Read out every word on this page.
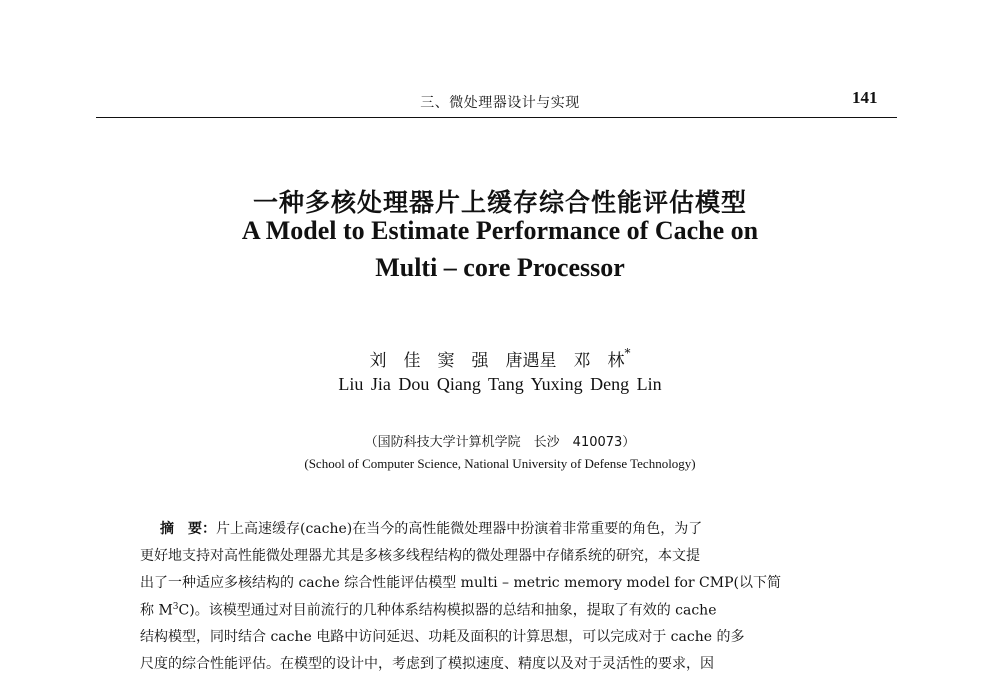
三、微处理器设计与实现	141
一种多核处理器片上缓存综合性能评估模型
A Model to Estimate Performance of Cache on
Multi – core Processor
刘　佳　窦　强　唐遇星　邓　林*
Liu Jia Dou Qiang Tang Yuxing Deng Lin
（国防科技大学计算机学院　长沙　410073）
(School of Computer Science, National University of Defense Technology)
摘　要：片上高速缓存(cache)在当今的高性能微处理器中扮演着非常重要的角色，为了
更好地支持对高性能微处理器尤其是多核多线程结构的微处理器中存储系统的研究，本文提
出了一种适应多核结构的 cache 综合性能评估模型 multi – metric memory model for CMP(以下简
称 $M^3C$)。该模型通过对目前流行的几种体系结构模拟器的总结和抽象，提取了有效的 cache
结构模型，同时结合 cache 电路中访问延迟、功耗及面积的计算思想，可以完成对于 cache 的多
尺度的综合性能评估。在模型的设计中，考虑到了模拟速度、精度以及对于灵活性的要求，因
